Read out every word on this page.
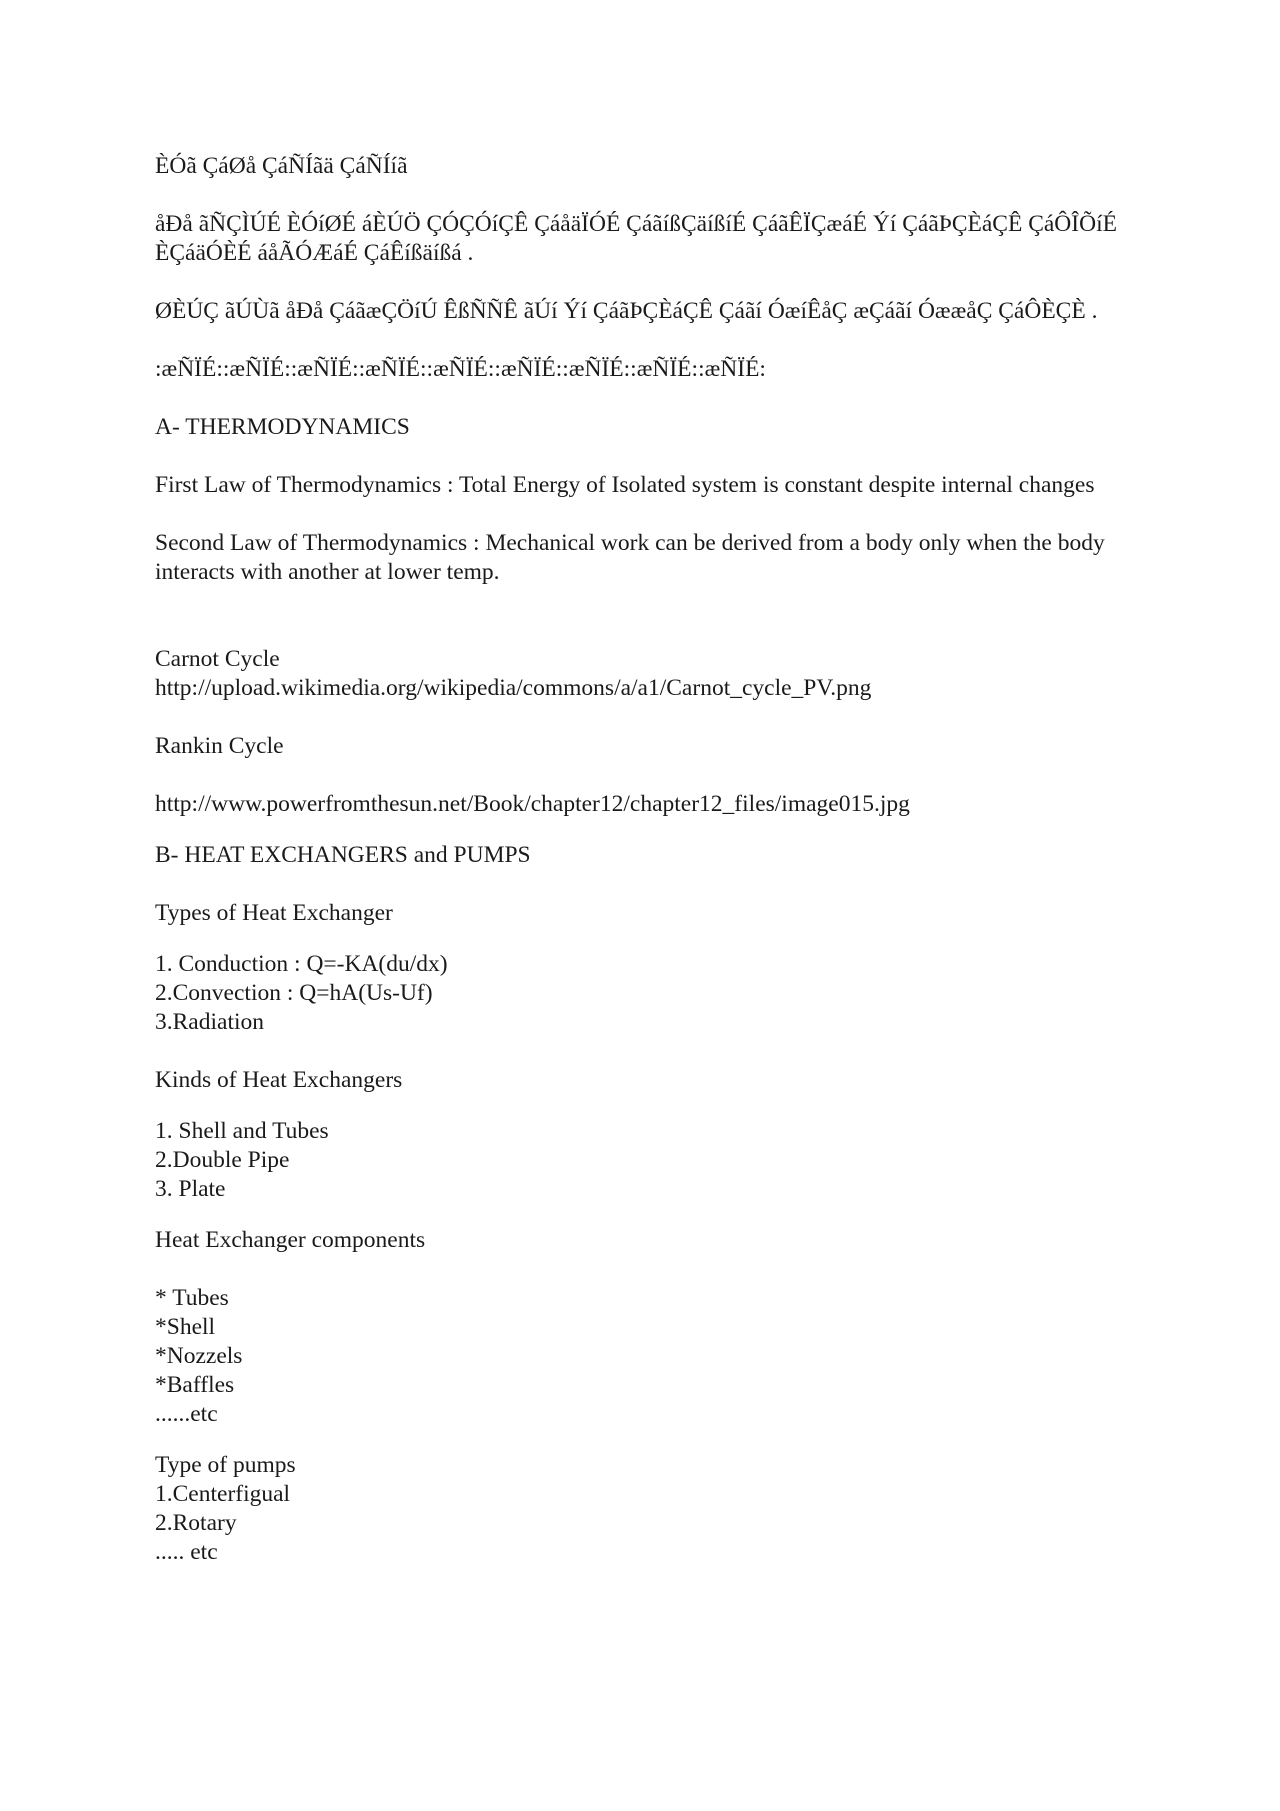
ÈÓã ÇáØå ÇáÑÍãä ÇáÑÍíã

åÐå ãÑÇÌÚÉ ÈÓíØÉ áÈÚÖ ÇÓÇÓíÇÊ ÇáåäÏÓÉ ÇáãíßÇäíßíÉ ÇáãÊÏÇæáÉ Ýí ÇáãÞÇÈáÇÊ ÇáÔÎÕíÉ ÈÇáäÓÈÉ áåÃÓÆáÉ ÇáÊíßäíßá .

ØÈÚÇ ãÚÙã åÐå ÇáãæÇÖíÚ ÊßÑÑÊ ãÚí Ýí ÇáãÞÇÈáÇÊ Çáãí ÓæíÊåÇ æÇáãí ÓææåÇ ÇáÔÈÇÈ .

:æÑÏÉ::æÑÏÉ::æÑÏÉ::æÑÏÉ::æÑÏÉ::æÑÏÉ::æÑÏÉ::æÑÏÉ::æÑÏÉ:

A- THERMODYNAMICS

First Law of Thermodynamics : Total Energy of Isolated system is constant despite internal changes

Second Law of Thermodynamics : Mechanical work can be derived from a body only when the body interacts with another at lower temp.

Carnot Cycle
http://upload.wikimedia.org/wikipedia/commons/a/a1/Carnot_cycle_PV.png

Rankin Cycle

http://www.powerfromthesun.net/Book/chapter12/chapter12_files/image015.jpg

B- HEAT EXCHANGERS and PUMPS

Types of Heat Exchanger

1. Conduction : Q=-KA(du/dx)
2.Convection : Q=hA(Us-Uf)
3.Radiation

Kinds of Heat Exchangers

1. Shell and Tubes
2.Double Pipe
3. Plate

Heat Exchanger components

* Tubes
*Shell
*Nozzels
*Baffles
......etc

Type of pumps
1.Centerfigual
2.Rotary
..... etc
